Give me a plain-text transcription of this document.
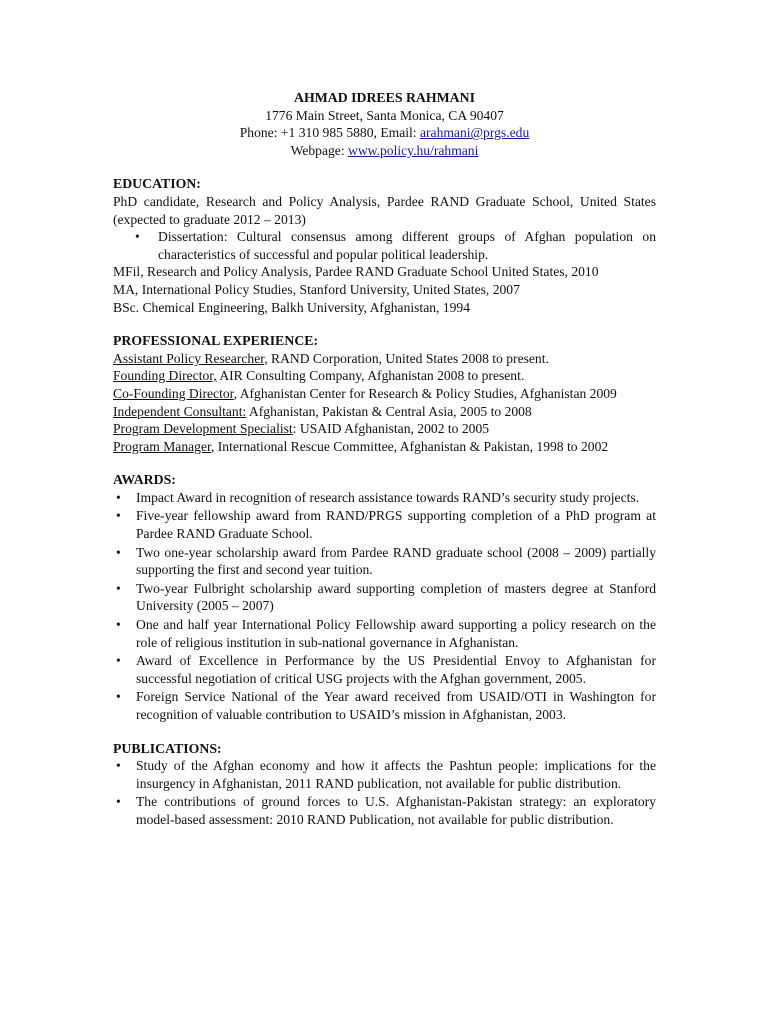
AHMAD IDREES RAHMANI
1776 Main Street, Santa Monica, CA 90407
Phone: +1 310 985 5880, Email: arahmani@prgs.edu
Webpage: www.policy.hu/rahmani
EDUCATION:
PhD candidate, Research and Policy Analysis, Pardee RAND Graduate School, United States (expected to graduate 2012 – 2013)
• Dissertation: Cultural consensus among different groups of Afghan population on characteristics of successful and popular political leadership.
MFil, Research and Policy Analysis, Pardee RAND Graduate School United States, 2010
MA, International Policy Studies, Stanford University, United States, 2007
BSc. Chemical Engineering, Balkh University, Afghanistan, 1994
PROFESSIONAL EXPERIENCE:
Assistant Policy Researcher, RAND Corporation, United States 2008 to present.
Founding Director, AIR Consulting Company, Afghanistan 2008 to present.
Co-Founding Director, Afghanistan Center for Research & Policy Studies, Afghanistan 2009
Independent Consultant: Afghanistan, Pakistan & Central Asia, 2005 to 2008
Program Development Specialist: USAID Afghanistan, 2002 to 2005
Program Manager, International Rescue Committee, Afghanistan & Pakistan, 1998 to 2002
AWARDS:
• Impact Award in recognition of research assistance towards RAND’s security study projects.
• Five-year fellowship award from RAND/PRGS supporting completion of a PhD program at Pardee RAND Graduate School.
• Two one-year scholarship award from Pardee RAND graduate school (2008 – 2009) partially supporting the first and second year tuition.
• Two-year Fulbright scholarship award supporting completion of masters degree at Stanford University (2005 – 2007)
• One and half year International Policy Fellowship award supporting a policy research on the role of religious institution in sub-national governance in Afghanistan.
• Award of Excellence in Performance by the US Presidential Envoy to Afghanistan for successful negotiation of critical USG projects with the Afghan government, 2005.
• Foreign Service National of the Year award received from USAID/OTI in Washington for recognition of valuable contribution to USAID’s mission in Afghanistan, 2003.
PUBLICATIONS:
• Study of the Afghan economy and how it affects the Pashtun people: implications for the insurgency in Afghanistan, 2011 RAND publication, not available for public distribution.
• The contributions of ground forces to U.S. Afghanistan-Pakistan strategy: an exploratory model-based assessment: 2010 RAND Publication, not available for public distribution.
